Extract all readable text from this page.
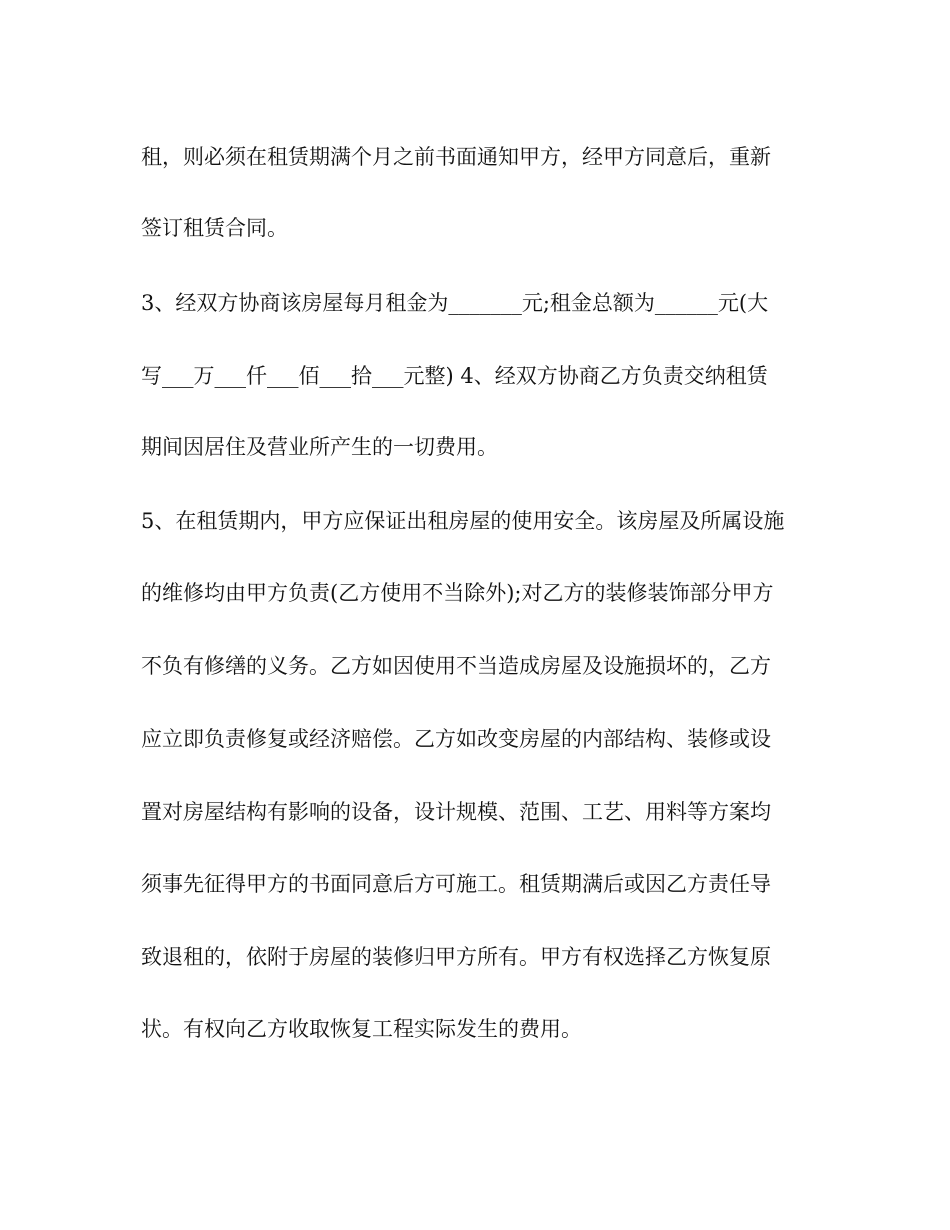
租，则必须在租赁期满个月之前书面通知甲方，经甲方同意后，重新

签订租赁合同。

3、经双方协商该房屋每月租金为_______元;租金总额为______元(大

写___万___仟___佰___拾___元整) 4、经双方协商乙方负责交纳租赁

期间因居住及营业所产生的一切费用。

5、在租赁期内，甲方应保证出租房屋的使用安全。该房屋及所属设施

的维修均由甲方负责(乙方使用不当除外);对乙方的装修装饰部分甲方

不负有修缮的义务。乙方如因使用不当造成房屋及设施损坏的，乙方

应立即负责修复或经济赔偿。乙方如改变房屋的内部结构、装修或设

置对房屋结构有影响的设备，设计规模、范围、工艺、用料等方案均

须事先征得甲方的书面同意后方可施工。租赁期满后或因乙方责任导

致退租的，依附于房屋的装修归甲方所有。甲方有权选择乙方恢复原

状。有权向乙方收取恢复工程实际发生的费用。
